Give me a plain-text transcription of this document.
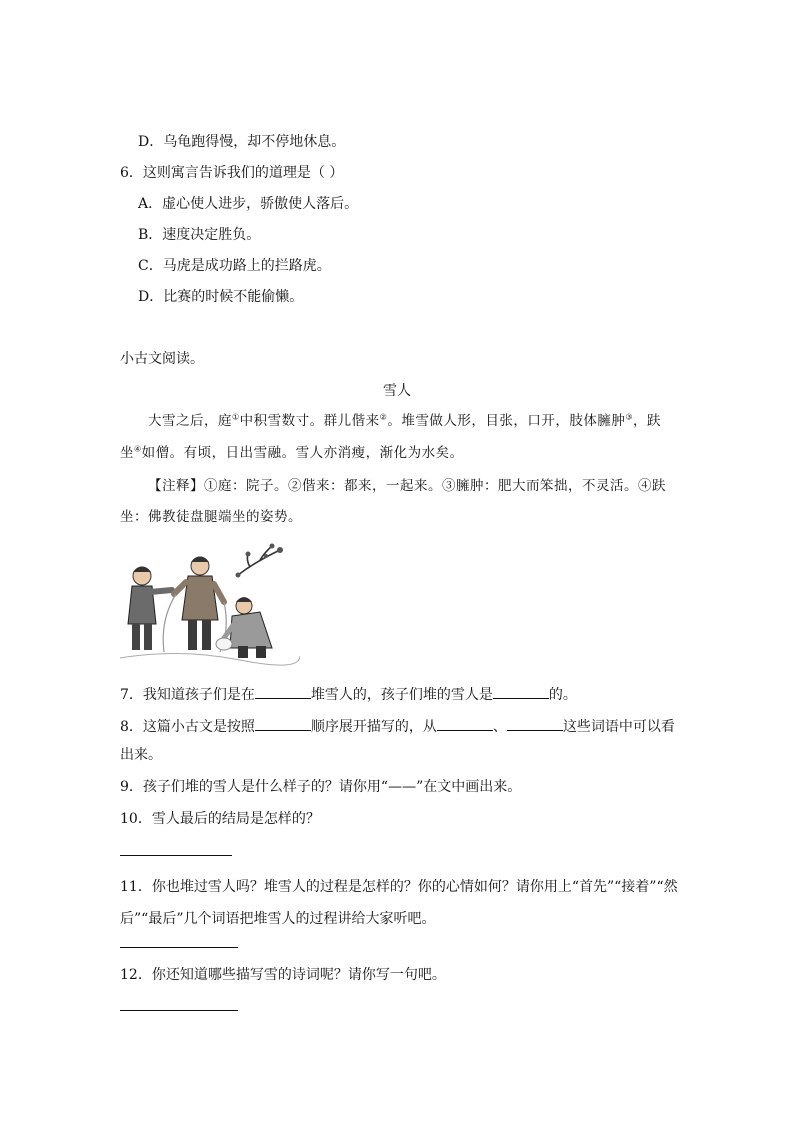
D．乌龟跑得慢，却不停地休息。
6．这则寓言告诉我们的道理是（ ）
A．虚心使人进步，骄傲使人落后。
B．速度决定胜负。
C．马虎是成功路上的拦路虎。
D．比赛的时候不能偷懒。
小古文阅读。
雪人
大雪之后，庭①中积雪数寸。群儿偕来②。堆雪做人形，目张，口开，肢体臃肿③，趺
坐④如僧。有顷，日出雪融。雪人亦消瘦，渐化为水矣。
【注释】①庭：院子。②偕来：都来，一起来。③臃肿：肥大而笨拙，不灵活。④趺
坐：佛教徒盘腿端坐的姿势。
7．我知道孩子们是在	堆雪人的，孩子们堆的雪人是	的。
8．这篇小古文是按照	顺序展开描写的，从	、	这些词语中可以看
出来。
9．孩子们堆的雪人是什么样子的？请你用“——”在文中画出来。
10．雪人最后的结局是怎样的？
11．你也堆过雪人吗？堆雪人的过程是怎样的？你的心情如何？请你用上“首先”“接着”“然
后”“最后”几个词语把堆雪人的过程讲给大家听吧。
12．你还知道哪些描写雪的诗词呢？请你写一句吧。
